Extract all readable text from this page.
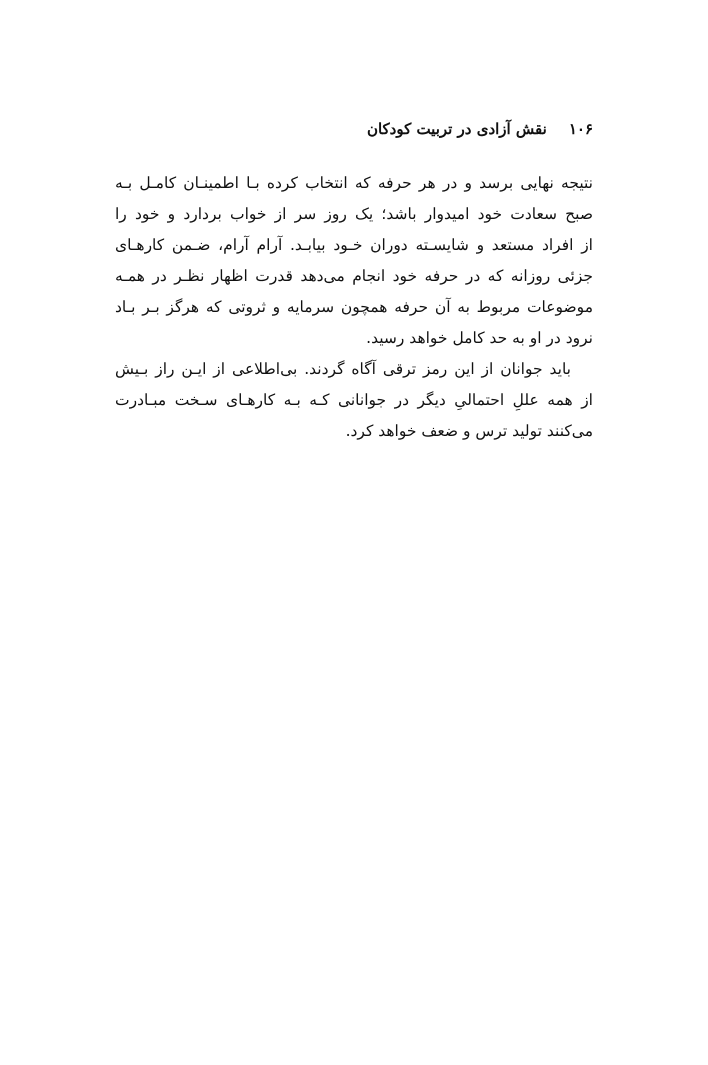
۱۰۶نقش آزادی در تربیت کودکان
نتیجه نهایی برسد و در هر حرفه که انتخاب کرده بـا اطمینـان کامـل بـه
صبح سعادت خود امیدوار باشد؛ یک روز سر از خواب بردارد و خود را
از افراد مستعد و شایسـته دوران خـود بیابـد. آرام آرام، ضـمن کارهـای
جزئی روزانه که در حرفه خود انجام می‌دهد قدرت اظهار نظـر در همـه
موضوعات مربوط به آن حرفه همچون سرمایه و ثروتی که هرگز بـر بـاد
نرود در او به حد کامل خواهد رسید.
باید جوانان از این رمز ترقی آگاه گردند. بی‌اطلاعی از ایـن راز بـیش
از همه عللِ احتمالیِ دیگر در جوانانی کـه بـه کارهـای سـخت مبـادرت
می‌کنند تولید ترس و ضعف خواهد کرد.
